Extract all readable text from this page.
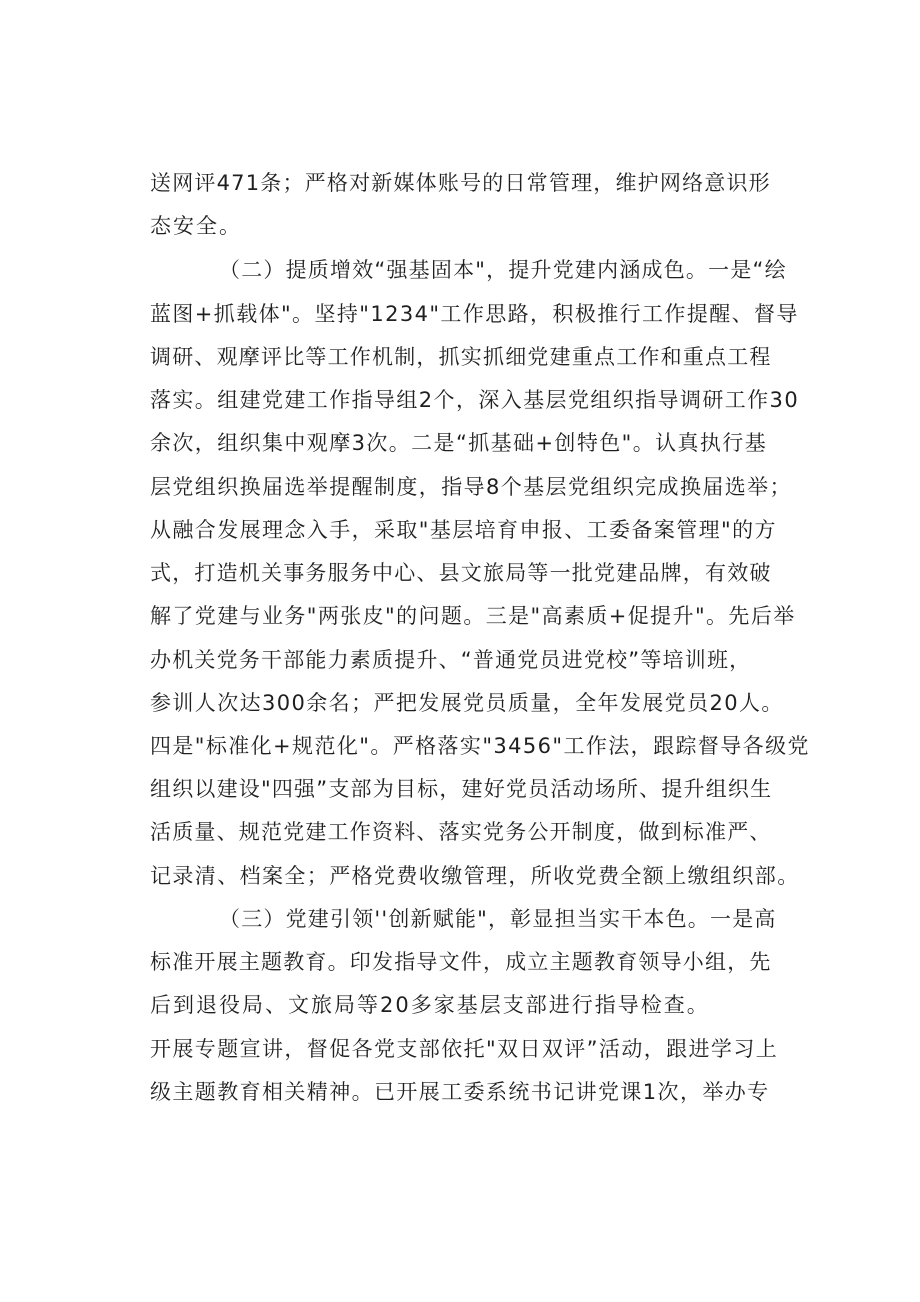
送网评471条；严格对新媒体账号的日常管理，维护网络意识形

态安全。

（二）提质增效“强基固本"，提升党建内涵成色。一是“绘

蓝图+抓载体"。坚持"1234"工作思路，积极推行工作提醒、督导

调研、观摩评比等工作机制，抓实抓细党建重点工作和重点工程

落实。组建党建工作指导组2个，深入基层党组织指导调研工作30

余次，组织集中观摩3次。二是“抓基础+创特色"。认真执行基

层党组织换届选举提醒制度，指导8个基层党组织完成换届选举；

从融合发展理念入手，采取"基层培育申报、工委备案管理"的方

式，打造机关事务服务中心、县文旅局等一批党建品牌，有效破

解了党建与业务"两张皮"的问题。三是"高素质+促提升"。先后举

办机关党务干部能力素质提升、“普通党员进党校”等培训班，

参训人次达300余名；严把发展党员质量，全年发展党员20人。

四是"标准化+规范化"。严格落实"3456"工作法，跟踪督导各级党

组织以建设"四强”支部为目标，建好党员活动场所、提升组织生

活质量、规范党建工作资料、落实党务公开制度，做到标准严、

记录清、档案全；严格党费收缴管理，所收党费全额上缴组织部。

（三）党建引领''创新赋能"，彰显担当实干本色。一是高

标准开展主题教育。印发指导文件，成立主题教育领导小组，先

后到退役局、文旅局等20多家基层支部进行指导检查。

开展专题宣讲，督促各党支部依托"双日双评”活动，跟进学习上

级主题教育相关精神。已开展工委系统书记讲党课1次，举办专
